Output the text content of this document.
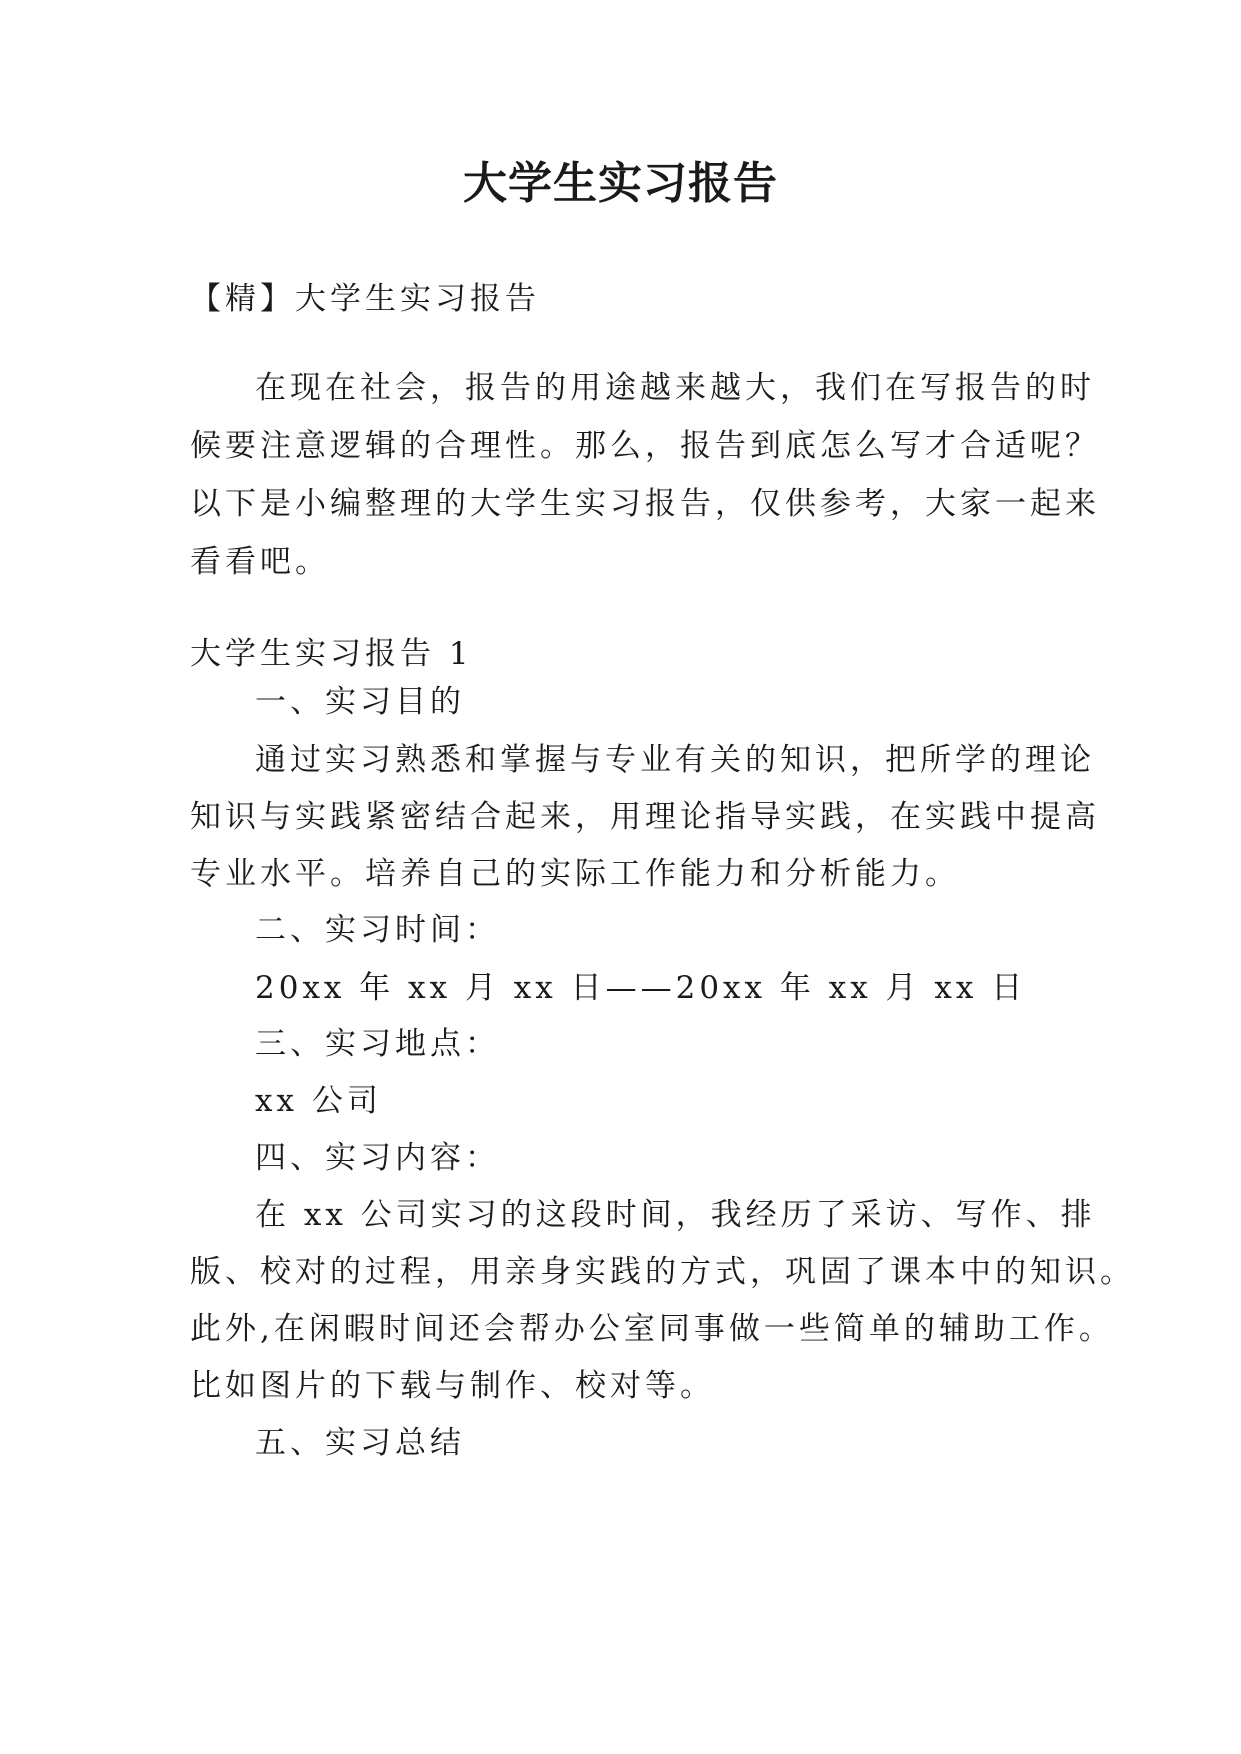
大学生实习报告
【精】大学生实习报告
在现在社会，报告的用途越来越大，我们在写报告的时
候要注意逻辑的合理性。那么，报告到底怎么写才合适呢？
以下是小编整理的大学生实习报告，仅供参考，大家一起来
看看吧。
大学生实习报告 1
一、实习目的
通过实习熟悉和掌握与专业有关的知识，把所学的理论
知识与实践紧密结合起来，用理论指导实践，在实践中提高
专业水平。培养自己的实际工作能力和分析能力。
二、实习时间：
20xx 年 xx 月 xx 日——20xx 年 xx 月 xx 日
三、实习地点：
xx 公司
四、实习内容：
在 xx 公司实习的这段时间，我经历了采访、写作、排
版、校对的过程，用亲身实践的方式，巩固了课本中的知识。
此外,在闲暇时间还会帮办公室同事做一些简单的辅助工作。
比如图片的下载与制作、校对等。
五、实习总结
